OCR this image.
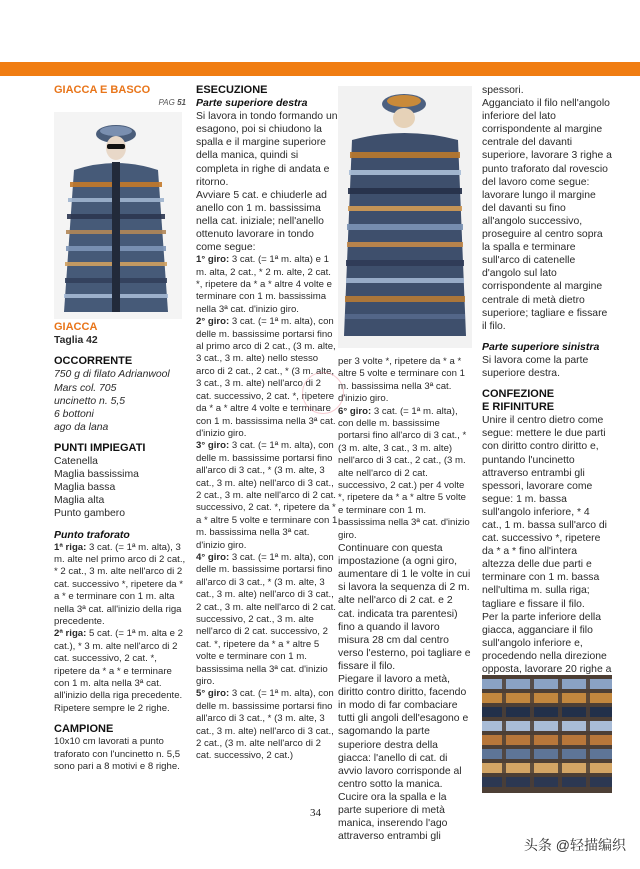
GIACCA E BASCO
PAG 51
GIACCA
Taglia 42
OCCORRENTE

750 g di filato Adrianwool

Mars col. 705

uncinetto n. 5,5

6 bottoni

ago da lana

PUNTI IMPIEGATI

Catenella

Maglia bassissima

Maglia bassa

Maglia alta

Punto gambero

Punto traforato

1ª riga: 3 cat. (= 1ª m. alta), 3 m. alte nel primo arco di 2 cat., * 2 cat., 3 m. alte nell'arco di 2 cat. successivo *, ripetere da * a * e terminare con 1 m. alta nella 3ª cat. all'inizio della riga precedente.

2ª riga: 5 cat. (= 1ª m. alta e 2 cat.), * 3 m. alte nell'arco di 2 cat. successivo, 2 cat. *, ripetere da * a * e terminare con 1 m. alta nella 3ª cat. all'inizio della riga precedente.

Ripetere sempre le 2 righe.

CAMPIONE

10x10 cm lavorati a punto traforato con l'uncinetto n. 5,5 sono pari a 8 motivi e 8 righe.

ESECUZIONE
Parte superiore destra

Si lavora in tondo formando un esagono, poi si chiudono la spalla e il margine superiore della manica, quindi si completa in righe di andata e ritorno.

Avviare 5 cat. e chiuderle ad anello con 1 m. bassissima nella cat. iniziale; nell'anello ottenuto lavorare in tondo come segue:

1° giro: 3 cat. (= 1ª m. alta) e 1 m. alta, 2 cat., * 2 m. alte, 2 cat. *, ripetere da * a * altre 4 volte e terminare con 1 m. bassissima nella 3ª cat. d'inizio giro.

2° giro: 3 cat. (= 1ª m. alta), con delle m. bassissime portarsi fino al primo arco di 2 cat., (3 m. alte, 3 cat., 3 m. alte) nello stesso arco di 2 cat., 2 cat., * (3 m. alte, 3 cat., 3 m. alte) nell'arco di 2 cat. successivo, 2 cat. *, ripetere da * a * altre 4 volte e terminare con 1 m. bassissima nella 3ª cat. d'inizio giro.

3° giro: 3 cat. (= 1ª m. alta), con delle m. bassissime portarsi fino all'arco di 3 cat., * (3 m. alte, 3 cat., 3 m. alte) nell'arco di 3 cat., 2 cat., 3 m. alte nell'arco di 2 cat. successivo, 2 cat. *, ripetere da * a * altre 5 volte e terminare con 1 m. bassissima nella 3ª cat. d'inizio giro.

4° giro: 3 cat. (= 1ª m. alta), con delle m. bassissime portarsi fino all'arco di 3 cat., * (3 m. alte, 3 cat., 3 m. alte) nell'arco di 3 cat., 2 cat., 3 m. alte nell'arco di 2 cat. successivo, 2 cat., 3 m. alte nell'arco di 2 cat. successivo, 2 cat. *, ripetere da * a * altre 5 volte e terminare con 1 m. bassissima nella 3ª cat. d'inizio giro.

5° giro: 3 cat. (= 1ª m. alta), con delle m. bassissime portarsi fino all'arco di 3 cat., * (3 m. alte, 3 cat., 3 m. alte) nell'arco di 3 cat., 2 cat., (3 m. alte nell'arco di 2 cat. successivo, 2 cat.)

per 3 volte *, ripetere da * a * altre 5 volte e terminare con 1 m. bassissima nella 3ª cat. d'inizio giro.

6° giro: 3 cat. (= 1ª m. alta), con delle m. bassissime portarsi fino all'arco di 3 cat., * (3 m. alte, 3 cat., 3 m. alte) nell'arco di 3 cat., 2 cat., (3 m. alte nell'arco di 2 cat. successivo, 2 cat.) per 4 volte *, ripetere da * a * altre 5 volte e terminare con 1 m. bassissima nella 3ª cat. d'inizio giro.

Continuare con questa impostazione (a ogni giro, aumentare di 1 le volte in cui si lavora la sequenza di 2 m. alte nell'arco di 2 cat. e 2 cat. indicata tra parentesi) fino a quando il lavoro misura 28 cm dal centro verso l'esterno, poi tagliare e fissare il filo.

Piegare il lavoro a metà, diritto contro diritto, facendo in modo di far combaciare tutti gli angoli dell'esagono e sagomando la parte superiore destra della giacca: l'anello di cat. di avvio lavoro corrisponde al centro sotto la manica. Cucire ora la spalla e la parte superiore di metà manica, inserendo l'ago attraverso entrambi gli

spessori.

Agganciato il filo nell'angolo inferiore del lato corrispondente al margine centrale del davanti superiore, lavorare 3 righe a punto traforato dal rovescio del lavoro come segue: lavorare lungo il margine del davanti su fino all'angolo successivo, proseguire al centro sopra la spalla e terminare sull'arco di catenelle d'angolo sul lato corrispondente al margine centrale di metà dietro superiore; tagliare e fissare il filo.

Parte superiore sinistra

Si lavora come la parte superiore destra.

CONFEZIONE
E RIFINITURE

Unire il centro dietro come segue: mettere le due parti con diritto contro diritto e, puntando l'uncinetto attraverso entrambi gli spessori, lavorare come segue: 1 m. bassa sull'angolo inferiore, * 4 cat., 1 m. bassa sull'arco di cat. successivo *, ripetere da * a * fino all'intera altezza delle due parti e terminare con 1 m. bassa nell'ultima m. sulla riga; tagliare e fissare il filo.

Per la parte inferiore della giacca, agganciare il filo sull'angolo inferiore e, procedendo nella direzione opposta, lavorare 20 righe a

34
头条 @轻描编织
